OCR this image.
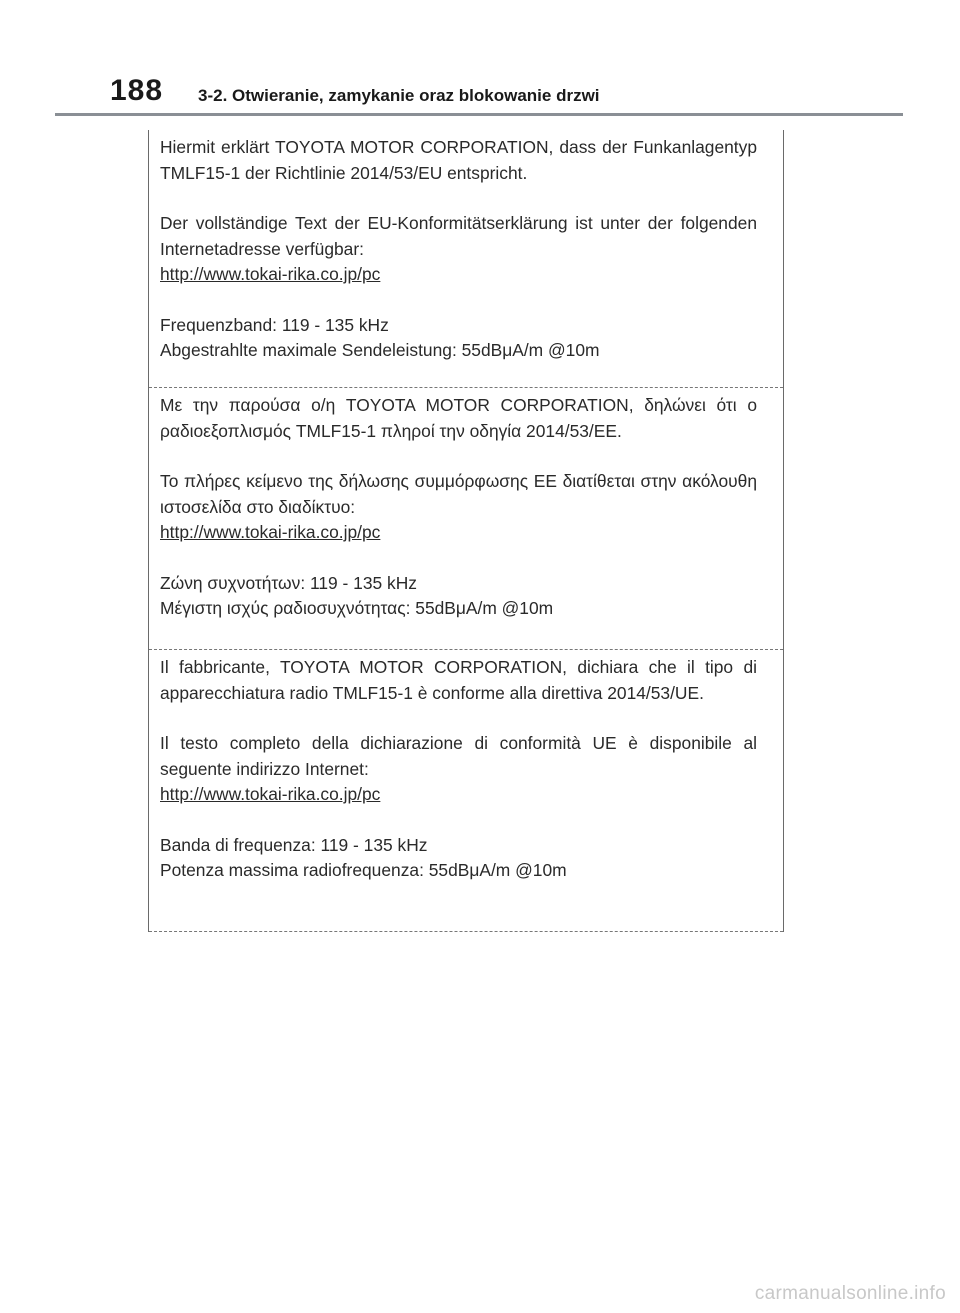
188 3-2. Otwieranie, zamykanie oraz blokowanie drzwi

Hiermit erklärt TOYOTA MOTOR CORPORATION, dass der Funkanlagentyp TMLF15-1 der Richtlinie 2014/53/EU entspricht.

Der vollständige Text der EU-Konformitätserklärung ist unter der folgenden Internetadresse verfügbar:

http://www.tokai-rika.co.jp/pc
Frequenzband: 119 - 135 kHz
Abgestrahlte maximale Sendeleistung: 55dBμA/m @10m

Με την παρούσα ο/η TOYOTA MOTOR CORPORATION, δηλώνει ότι ο ραδιοεξοπλισμός TMLF15-1 πληροί την οδηγία 2014/53/ΕΕ.

Το πλήρες κείμενο της δήλωσης συμμόρφωσης ΕΕ διατίθεται στην ακόλουθη ιστοσελίδα στο διαδίκτυο:

http://www.tokai-rika.co.jp/pc
Ζώνη συχνοτήτων: 119 - 135 kHz
Μέγιστη ισχύς ραδιοσυχνότητας: 55dBμA/m @10m

Il fabbricante, TOYOTA MOTOR CORPORATION, dichiara che il tipo di apparecchiatura radio TMLF15-1 è conforme alla direttiva 2014/53/UE.

Il testo completo della dichiarazione di conformità UE è disponibile al seguente indirizzo Internet:

http://www.tokai-rika.co.jp/pc
Banda di frequenza: 119 - 135 kHz
Potenza massima radiofrequenza: 55dBμA/m @10m
carmanualsonline.info
